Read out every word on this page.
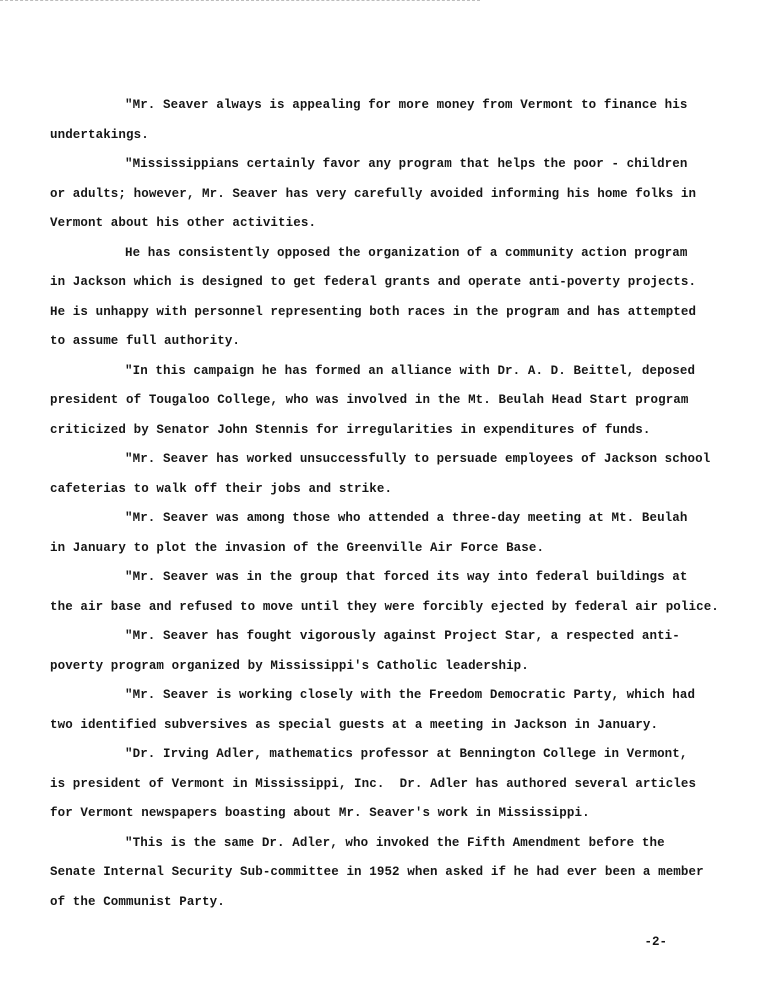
"Mr. Seaver always is appealing for more money from Vermont to finance his
undertakings.
"Mississippians certainly favor any program that helps the poor - children
or adults; however, Mr. Seaver has very carefully avoided informing his home folks in
Vermont about his other activities.
He has consistently opposed the organization of a community action program
in Jackson which is designed to get federal grants and operate anti-poverty projects.
He is unhappy with personnel representing both races in the program and has attempted
to assume full authority.
"In this campaign he has formed an alliance with Dr. A. D. Beittel, deposed
president of Tougaloo College, who was involved in the Mt. Beulah Head Start program
criticized by Senator John Stennis for irregularities in expenditures of funds.
"Mr. Seaver has worked unsuccessfully to persuade employees of Jackson school
cafeterias to walk off their jobs and strike.
"Mr. Seaver was among those who attended a three-day meeting at Mt. Beulah
in January to plot the invasion of the Greenville Air Force Base.
"Mr. Seaver was in the group that forced its way into federal buildings at
the air base and refused to move until they were forcibly ejected by federal air police.
"Mr. Seaver has fought vigorously against Project Star, a respected anti-
poverty program organized by Mississippi's Catholic leadership.
"Mr. Seaver is working closely with the Freedom Democratic Party, which had
two identified subversives as special guests at a meeting in Jackson in January.
"Dr. Irving Adler, mathematics professor at Bennington College in Vermont,
is president of Vermont in Mississippi, Inc.  Dr. Adler has authored several articles
for Vermont newspapers boasting about Mr. Seaver's work in Mississippi.
"This is the same Dr. Adler, who invoked the Fifth Amendment before the
Senate Internal Security Sub-committee in 1952 when asked if he had ever been a member
of the Communist Party.
-2-
